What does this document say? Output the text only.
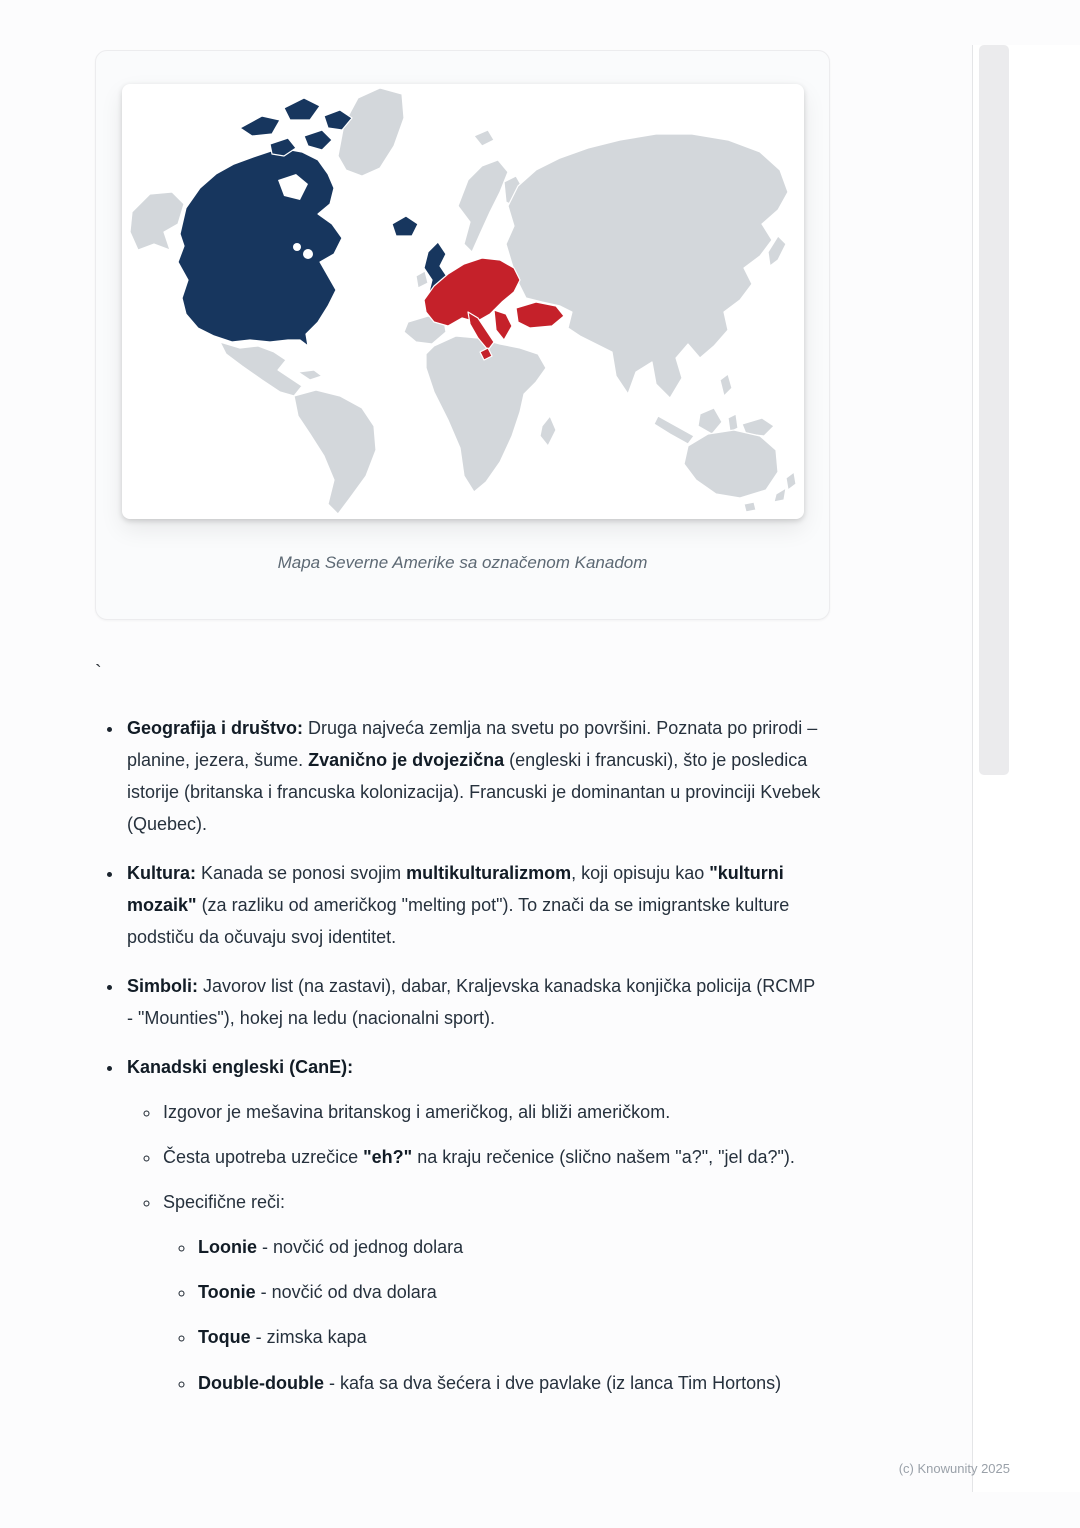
Mapa Severne Amerike sa označenom Kanadom
`
• Geografija i društvo: Druga najveća zemlja na svetu po površini. Poznata po prirodi – planine, jezera, šume. Zvanično je dvojezična (engleski i francuski), što je posledica istorije (britanska i francuska kolonizacija). Francuski je dominantan u provinciji Kvebek (Quebec).
• Kultura: Kanada se ponosi svojim multikulturalizmom, koji opisuju kao "kulturni mozaik" (za razliku od američkog "melting pot"). To znači da se imigrantske kulture podstiču da očuvaju svoj identitet.
• Simboli: Javorov list (na zastavi), dabar, Kraljevska kanadska konjička policija (RCMP - "Mounties"), hokej na ledu (nacionalni sport).
• Kanadski engleski (CanE):
◦ Izgovor je mešavina britanskog i američkog, ali bliži američkom.
◦ Česta upotreba uzrečice "eh?" na kraju rečenice (slično našem "a?", "jel da?").
◦ Specifične reči:
◦ Loonie - novčić od jednog dolara
◦ Toonie - novčić od dva dolara
◦ Toque - zimska kapa
◦ Double-double - kafa sa dva šećera i dve pavlake (iz lanca Tim Hortons)
(c) Knowunity 2025
